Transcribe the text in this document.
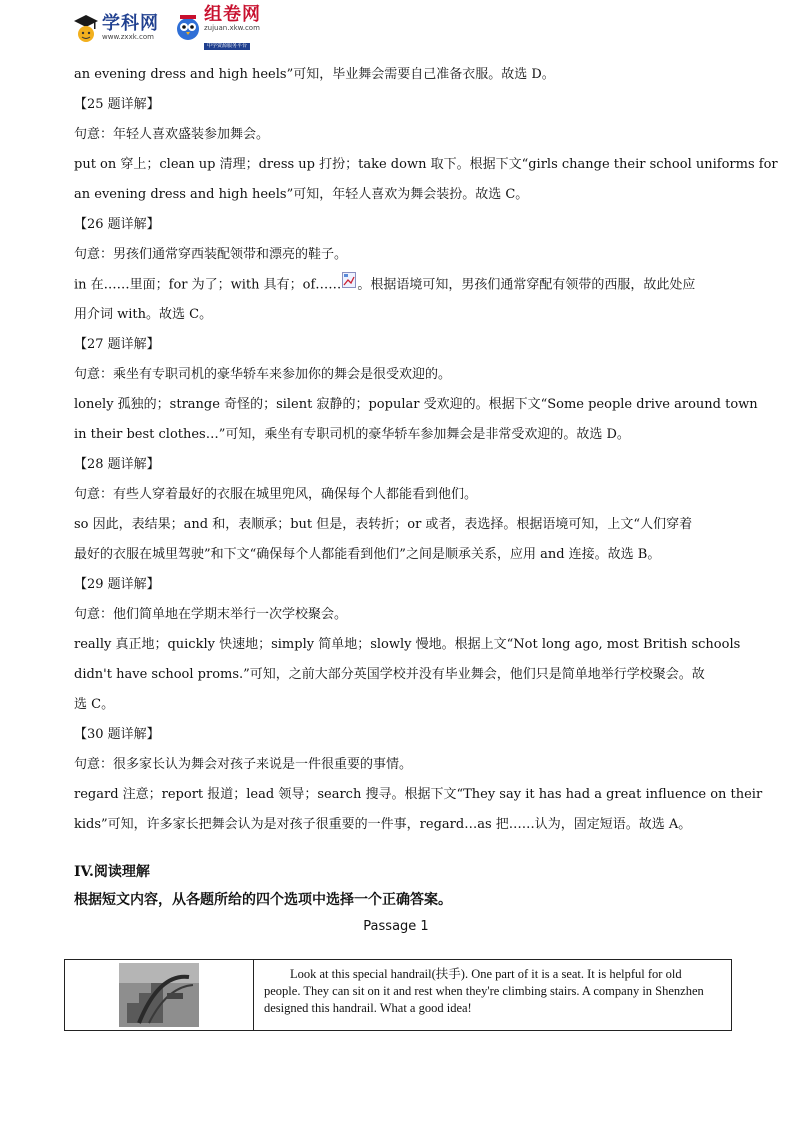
学科网
www.zxxk.com
组卷网
zujuan.xkw.com
中学资源服务平台
an evening dress and high heels”可知，毕业舞会需要自己准备衣服。故选 D。
【25 题详解】
句意：年轻人喜欢盛装参加舞会。
put on 穿上；clean up 清理；dress up 打扮；take down 取下。根据下文“girls change their school uniforms for
an evening dress and high heels”可知，年轻人喜欢为舞会装扮。故选 C。
【26 题详解】
句意：男孩们通常穿西装配领带和漂亮的鞋子。
in 在……里面；for 为了；with 具有；of…… 。根据语境可知，男孩们通常穿配有领带的西服，故此处应
用介词 with。故选 C。
【27 题详解】
句意：乘坐有专职司机的豪华轿车来参加你的舞会是很受欢迎的。
lonely 孤独的；strange 奇怪的；silent 寂静的；popular 受欢迎的。根据下文“Some people drive around town
in their best clothes…”可知，乘坐有专职司机的豪华轿车参加舞会是非常受欢迎的。故选 D。
【28 题详解】
句意：有些人穿着最好的衣服在城里兜风，确保每个人都能看到他们。
so 因此，表结果；and 和，表顺承；but 但是，表转折；or 或者，表选择。根据语境可知，上文“人们穿着
最好的衣服在城里驾驶”和下文“确保每个人都能看到他们”之间是顺承关系，应用 and 连接。故选 B。
【29 题详解】
句意：他们简单地在学期末举行一次学校聚会。
really 真正地；quickly 快速地；simply 简单地；slowly 慢地。根据上文“Not long ago, most British schools
didn't have school proms.”可知，之前大部分英国学校并没有毕业舞会，他们只是简单地举行学校聚会。故
选 C。
【30 题详解】
句意：很多家长认为舞会对孩子来说是一件很重要的事情。
regard 注意；report 报道；lead 领导；search 搜寻。根据下文“They say it has had a great influence on their
kids”可知，许多家长把舞会认为是对孩子很重要的一件事，regard…as 把……认为，固定短语。故选 A。
IV.阅读理解
根据短文内容，从各题所给的四个选项中选择一个正确答案。
Passage 1
Look at this special handrail(扶手). One part of it is a seat. It is helpful for old people. They can sit on it and rest when they're climbing stairs. A company in Shenzhen designed this handrail. What a good idea!
